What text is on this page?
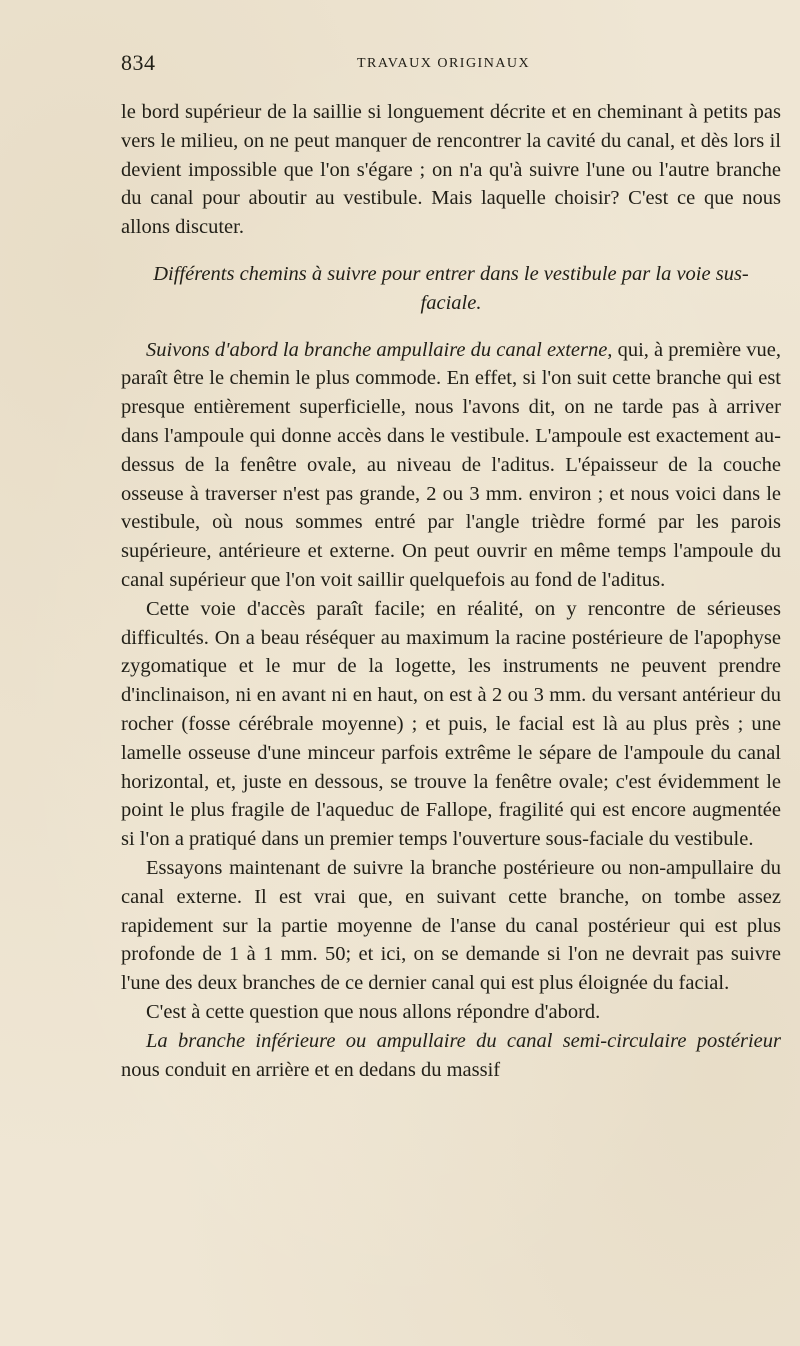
834	TRAVAUX ORIGINAUX

le bord supérieur de la saillie si longuement décrite et en cheminant à petits pas vers le milieu, on ne peut manquer de rencontrer la cavité du canal, et dès lors il devient impossible que l'on s'égare ; on n'a qu'à suivre l'une ou l'autre branche du canal pour aboutir au vestibule. Mais laquelle choisir? C'est ce que nous allons discuter.

Différents chemins à suivre pour entrer dans le vestibule par la voie sus-faciale.

Suivons d'abord la branche ampullaire du canal externe, qui, à première vue, paraît être le chemin le plus commode. En effet, si l'on suit cette branche qui est presque entièrement superficielle, nous l'avons dit, on ne tarde pas à arriver dans l'ampoule qui donne accès dans le vestibule. L'ampoule est exactement au-dessus de la fenêtre ovale, au niveau de l'aditus. L'épaisseur de la couche osseuse à traverser n'est pas grande, 2 ou 3 mm. environ ; et nous voici dans le vestibule, où nous sommes entré par l'angle trièdre formé par les parois supérieure, antérieure et externe. On peut ouvrir en même temps l'ampoule du canal supérieur que l'on voit saillir quelquefois au fond de l'aditus.

Cette voie d'accès paraît facile; en réalité, on y rencontre de sérieuses difficultés. On a beau réséquer au maximum la racine postérieure de l'apophyse zygomatique et le mur de la logette, les instruments ne peuvent prendre d'inclinaison, ni en avant ni en haut, on est à 2 ou 3 mm. du versant antérieur du rocher (fosse cérébrale moyenne) ; et puis, le facial est là au plus près ; une lamelle osseuse d'une minceur parfois extrême le sépare de l'ampoule du canal horizontal, et, juste en dessous, se trouve la fenêtre ovale; c'est évidemment le point le plus fragile de l'aqueduc de Fallope, fragilité qui est encore augmentée si l'on a pratiqué dans un premier temps l'ouverture sous-faciale du vestibule.

Essayons maintenant de suivre la branche postérieure ou non-ampullaire du canal externe. Il est vrai que, en suivant cette branche, on tombe assez rapidement sur la partie moyenne de l'anse du canal postérieur qui est plus profonde de 1 à 1 mm. 50; et ici, on se demande si l'on ne devrait pas suivre l'une des deux branches de ce dernier canal qui est plus éloignée du facial.

C'est à cette question que nous allons répondre d'abord.

La branche inférieure ou ampullaire du canal semi-circulaire postérieur nous conduit en arrière et en dedans du massif
